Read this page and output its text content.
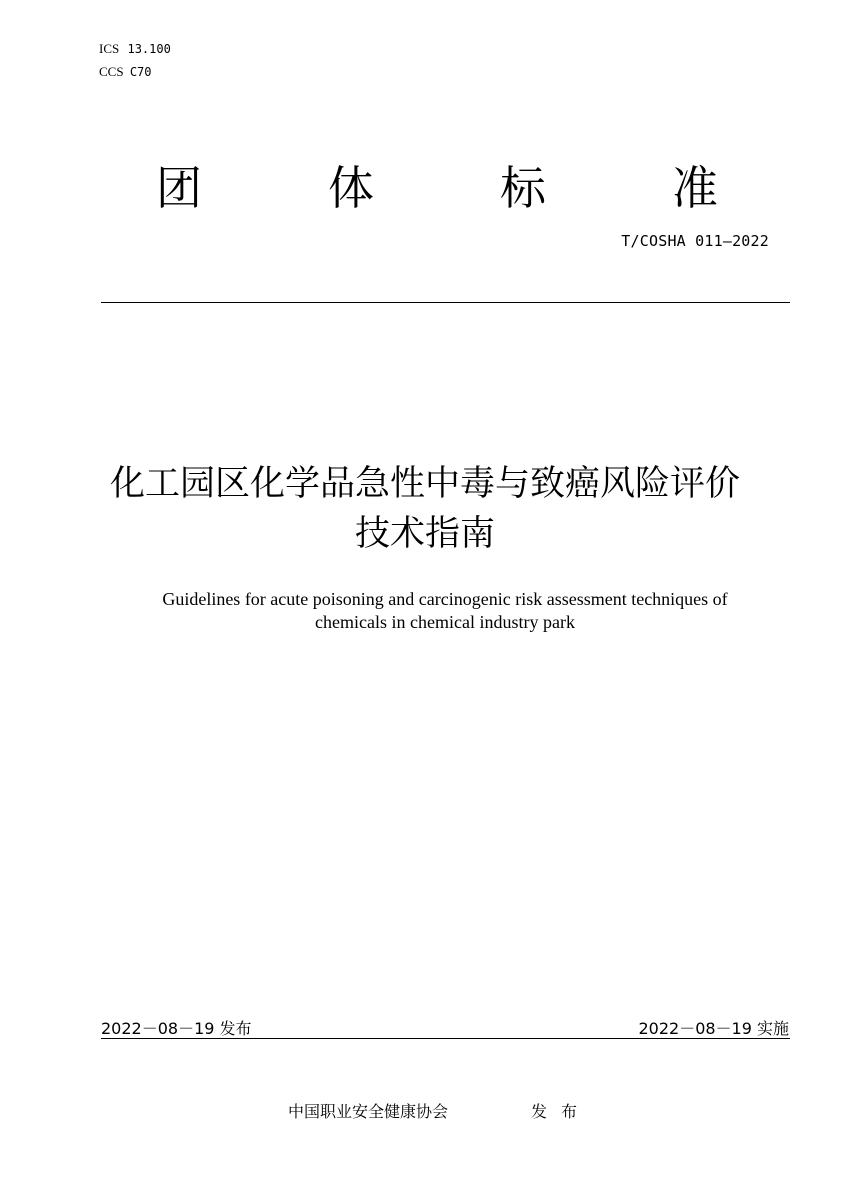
ICS 13.100
CCS C70
团	体	标	准
T/COSHA 011—2022
化工园区化学品急性中毒与致癌风险评价
技术指南
Guidelines for acute poisoning and carcinogenic risk assessment techniques of
chemicals in chemical industry park
2022－08－19 发布	2022－08－19 实施
中国职业安全健康协会	发布
